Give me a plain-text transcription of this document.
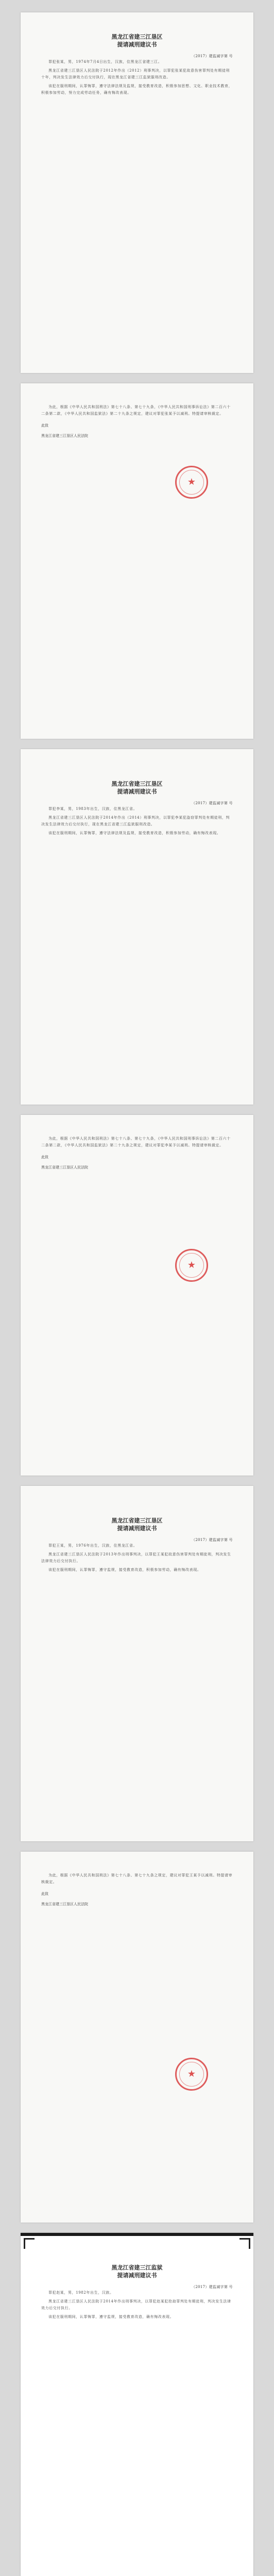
黑龙江省建三江垦区
提请减刑建议书
（2017）建监减字第 号

罪犯张某，男，1974年7月4日出生，汉族，住黑龙江省建三江。

黑龙江省建三江垦区人民法院于2012年作出（2012）刑事判决，以罪犯张某犯故意伤害罪判处有期徒刑十年，判决发生法律效力后交付执行，现在黑龙江省建三江监狱服刑改造。

该犯在服刑期间，认罪悔罪，遵守法律法规及监规，接受教育改造，积极参加思想、文化、职业技术教育，积极参加劳动，努力完成劳动任务，确有悔改表现。

为此，根据《中华人民共和国刑法》第七十八条、第七十九条，《中华人民共和国刑事诉讼法》第二百六十二条第二款，《中华人民共和国监狱法》第二十九条之规定，建议对罪犯张某予以减刑。特提请审核裁定。

此致
黑龙江省建三江垦区人民法院
★
黑龙江省建三江垦区
提请减刑建议书
（2017）建监减字第 号

罪犯李某，男，1983年出生，汉族，住黑龙江省。

黑龙江省建三江垦区人民法院于2014年作出（2014）刑事判决，以罪犯李某犯盗窃罪判处有期徒刑，判决发生法律效力后交付执行，现在黑龙江省建三江监狱服刑改造。

该犯在服刑期间，认罪悔罪，遵守法律法规及监规，接受教育改造，积极参加劳动，确有悔改表现。

为此，根据《中华人民共和国刑法》第七十八条、第七十九条，《中华人民共和国刑事诉讼法》第二百六十二条第二款，《中华人民共和国监狱法》第二十九条之规定，建议对罪犯李某予以减刑。特提请审核裁定。

此致
黑龙江省建三江垦区人民法院
★
黑龙江省建三江垦区
提请减刑建议书
（2017）建监减字第 号

罪犯王某，男，1976年出生，汉族，住黑龙江省。

黑龙江省建三江垦区人民法院于2013年作出刑事判决，以罪犯王某犯故意伤害罪判处有期徒刑，判决发生法律效力后交付执行。

该犯在服刑期间，认罪悔罪，遵守监规，接受教育改造，积极参加劳动，确有悔改表现。

为此，根据《中华人民共和国刑法》第七十八条、第七十九条之规定，建议对罪犯王某予以减刑。特提请审核裁定。

此致
黑龙江省建三江垦区人民法院
★
黑龙江省建三江监狱
提请减刑建议书
（2017）建监减字第 号

罪犯赵某，男，1982年出生，汉族。

黑龙江省建三江垦区人民法院于2014年作出刑事判决，以罪犯赵某犯抢劫罪判处有期徒刑，判决发生法律效力后交付执行。

该犯在服刑期间，认罪悔罪，遵守监规，接受教育改造，确有悔改表现。
